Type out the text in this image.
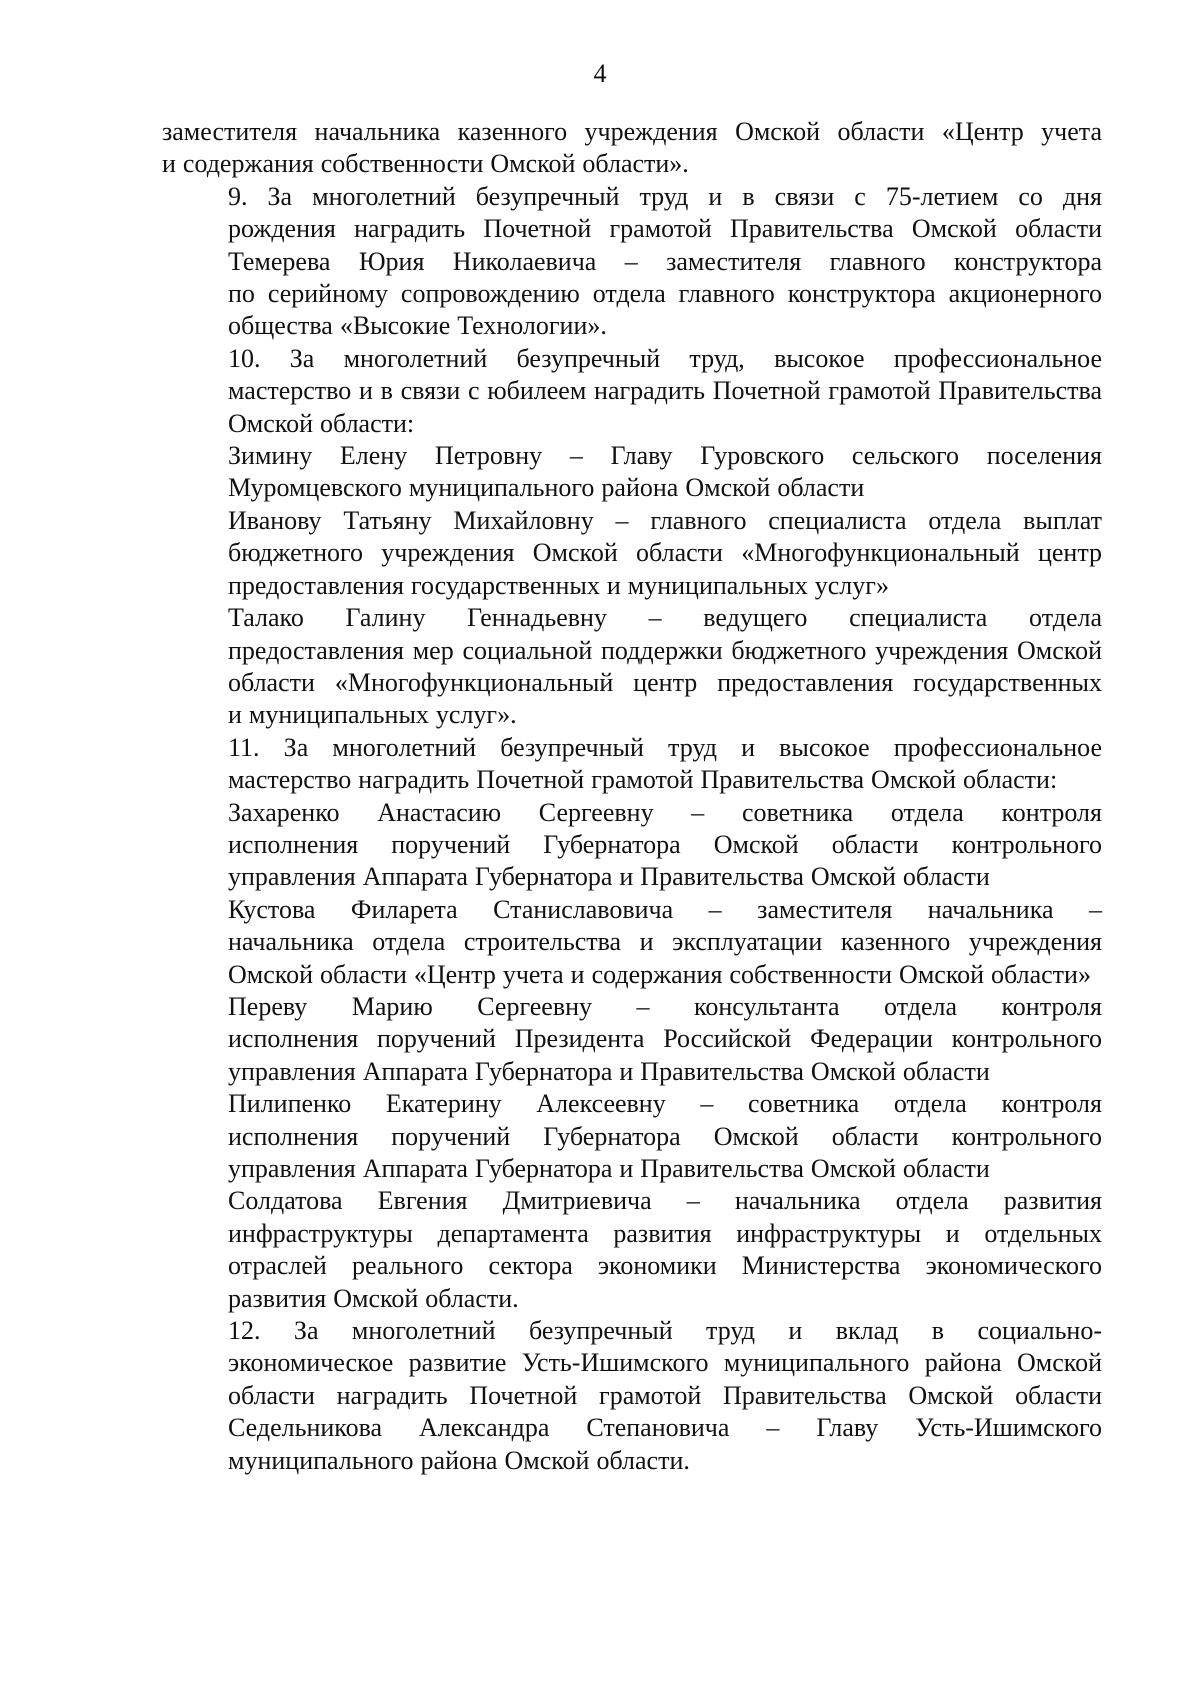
4

заместителя начальника казенного учреждения Омской области «Центр учета
и содержания собственности Омской области».

9. За многолетний безупречный труд и в связи с 75-летием со дня
рождения наградить Почетной грамотой Правительства Омской области
Темерева Юрия Николаевича – заместителя главного конструктора
по серийному сопровождению отдела главного конструктора акционерного
общества «Высокие Технологии».

10. За многолетний безупречный труд, высокое профессиональное
мастерство и в связи с юбилеем наградить Почетной грамотой Правительства
Омской области:

Зимину Елену Петровну – Главу Гуровского сельского поселения
Муромцевского муниципального района Омской области

Иванову Татьяну Михайловну – главного специалиста отдела выплат
бюджетного учреждения Омской области «Многофункциональный центр
предоставления государственных и муниципальных услуг»

Талако Галину Геннадьевну – ведущего специалиста отдела
предоставления мер социальной поддержки бюджетного учреждения Омской
области «Многофункциональный центр предоставления государственных
и муниципальных услуг».

11. За многолетний безупречный труд и высокое профессиональное
мастерство наградить Почетной грамотой Правительства Омской области:

Захаренко Анастасию Сергеевну – советника отдела контроля
исполнения поручений Губернатора Омской области контрольного
управления Аппарата Губернатора и Правительства Омской области

Кустова Филарета Станиславовича – заместителя начальника –
начальника отдела строительства и эксплуатации казенного учреждения
Омской области «Центр учета и содержания собственности Омской области»

Переву Марию Сергеевну – консультанта отдела контроля
исполнения поручений Президента Российской Федерации контрольного
управления Аппарата Губернатора и Правительства Омской области

Пилипенко Екатерину Алексеевну – советника отдела контроля
исполнения поручений Губернатора Омской области контрольного
управления Аппарата Губернатора и Правительства Омской области

Солдатова Евгения Дмитриевича – начальника отдела развития
инфраструктуры департамента развития инфраструктуры и отдельных
отраслей реального сектора экономики Министерства экономического
развития Омской области.

12. За многолетний безупречный труд и вклад в социально-
экономическое развитие Усть-Ишимского муниципального района Омской
области наградить Почетной грамотой Правительства Омской области
Седельникова Александра Степановича – Главу Усть-Ишимского
муниципального района Омской области.
